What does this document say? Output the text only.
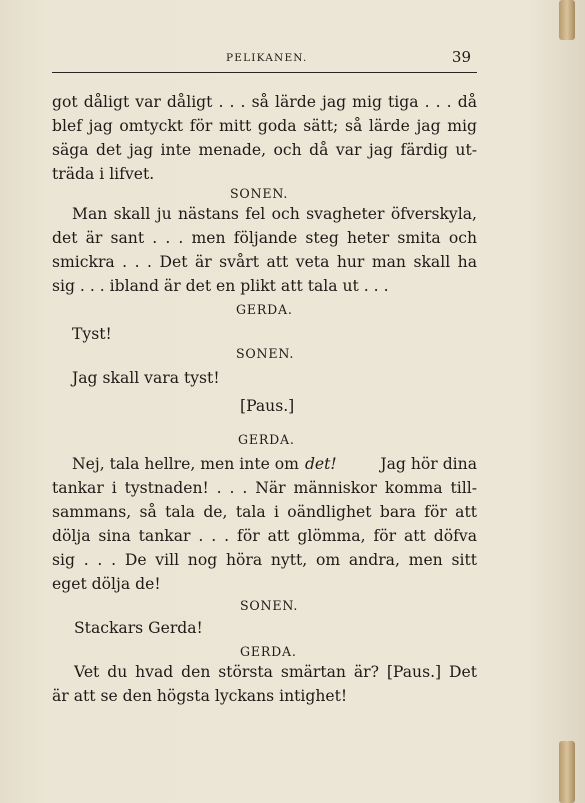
PELIKANEN.	39
got dåligt var dåligt . . . så lärde jag mig tiga . . . då
blef jag omtyckt för mitt goda sätt; så lärde jag mig
säga det jag inte menade, och då var jag färdig ut-
träda i lifvet.
SONEN.
Man skall ju nästans fel och svagheter öfverskyla,
det är sant . . . men följande steg heter smita och
smickra . . . Det är svårt att veta hur man skall ha
sig . . . ibland är det en plikt att tala ut . . .
GERDA.
Tyst!
SONEN.
Jag skall vara tyst!
[Paus.]
GERDA.
Nej, tala hellre, men inte om det!	Jag hör dina
tankar i tystnaden! . . . När människor komma till-
sammans, så tala de, tala i oändlighet bara för att
dölja sina tankar . . . för att glömma, för att döfva
sig . . . De vill nog höra nytt, om andra, men sitt
eget dölja de!
SONEN.
Stackars Gerda!
GERDA.
Vet du hvad den största smärtan är? [Paus.] Det
är att se den högsta lyckans intighet!
